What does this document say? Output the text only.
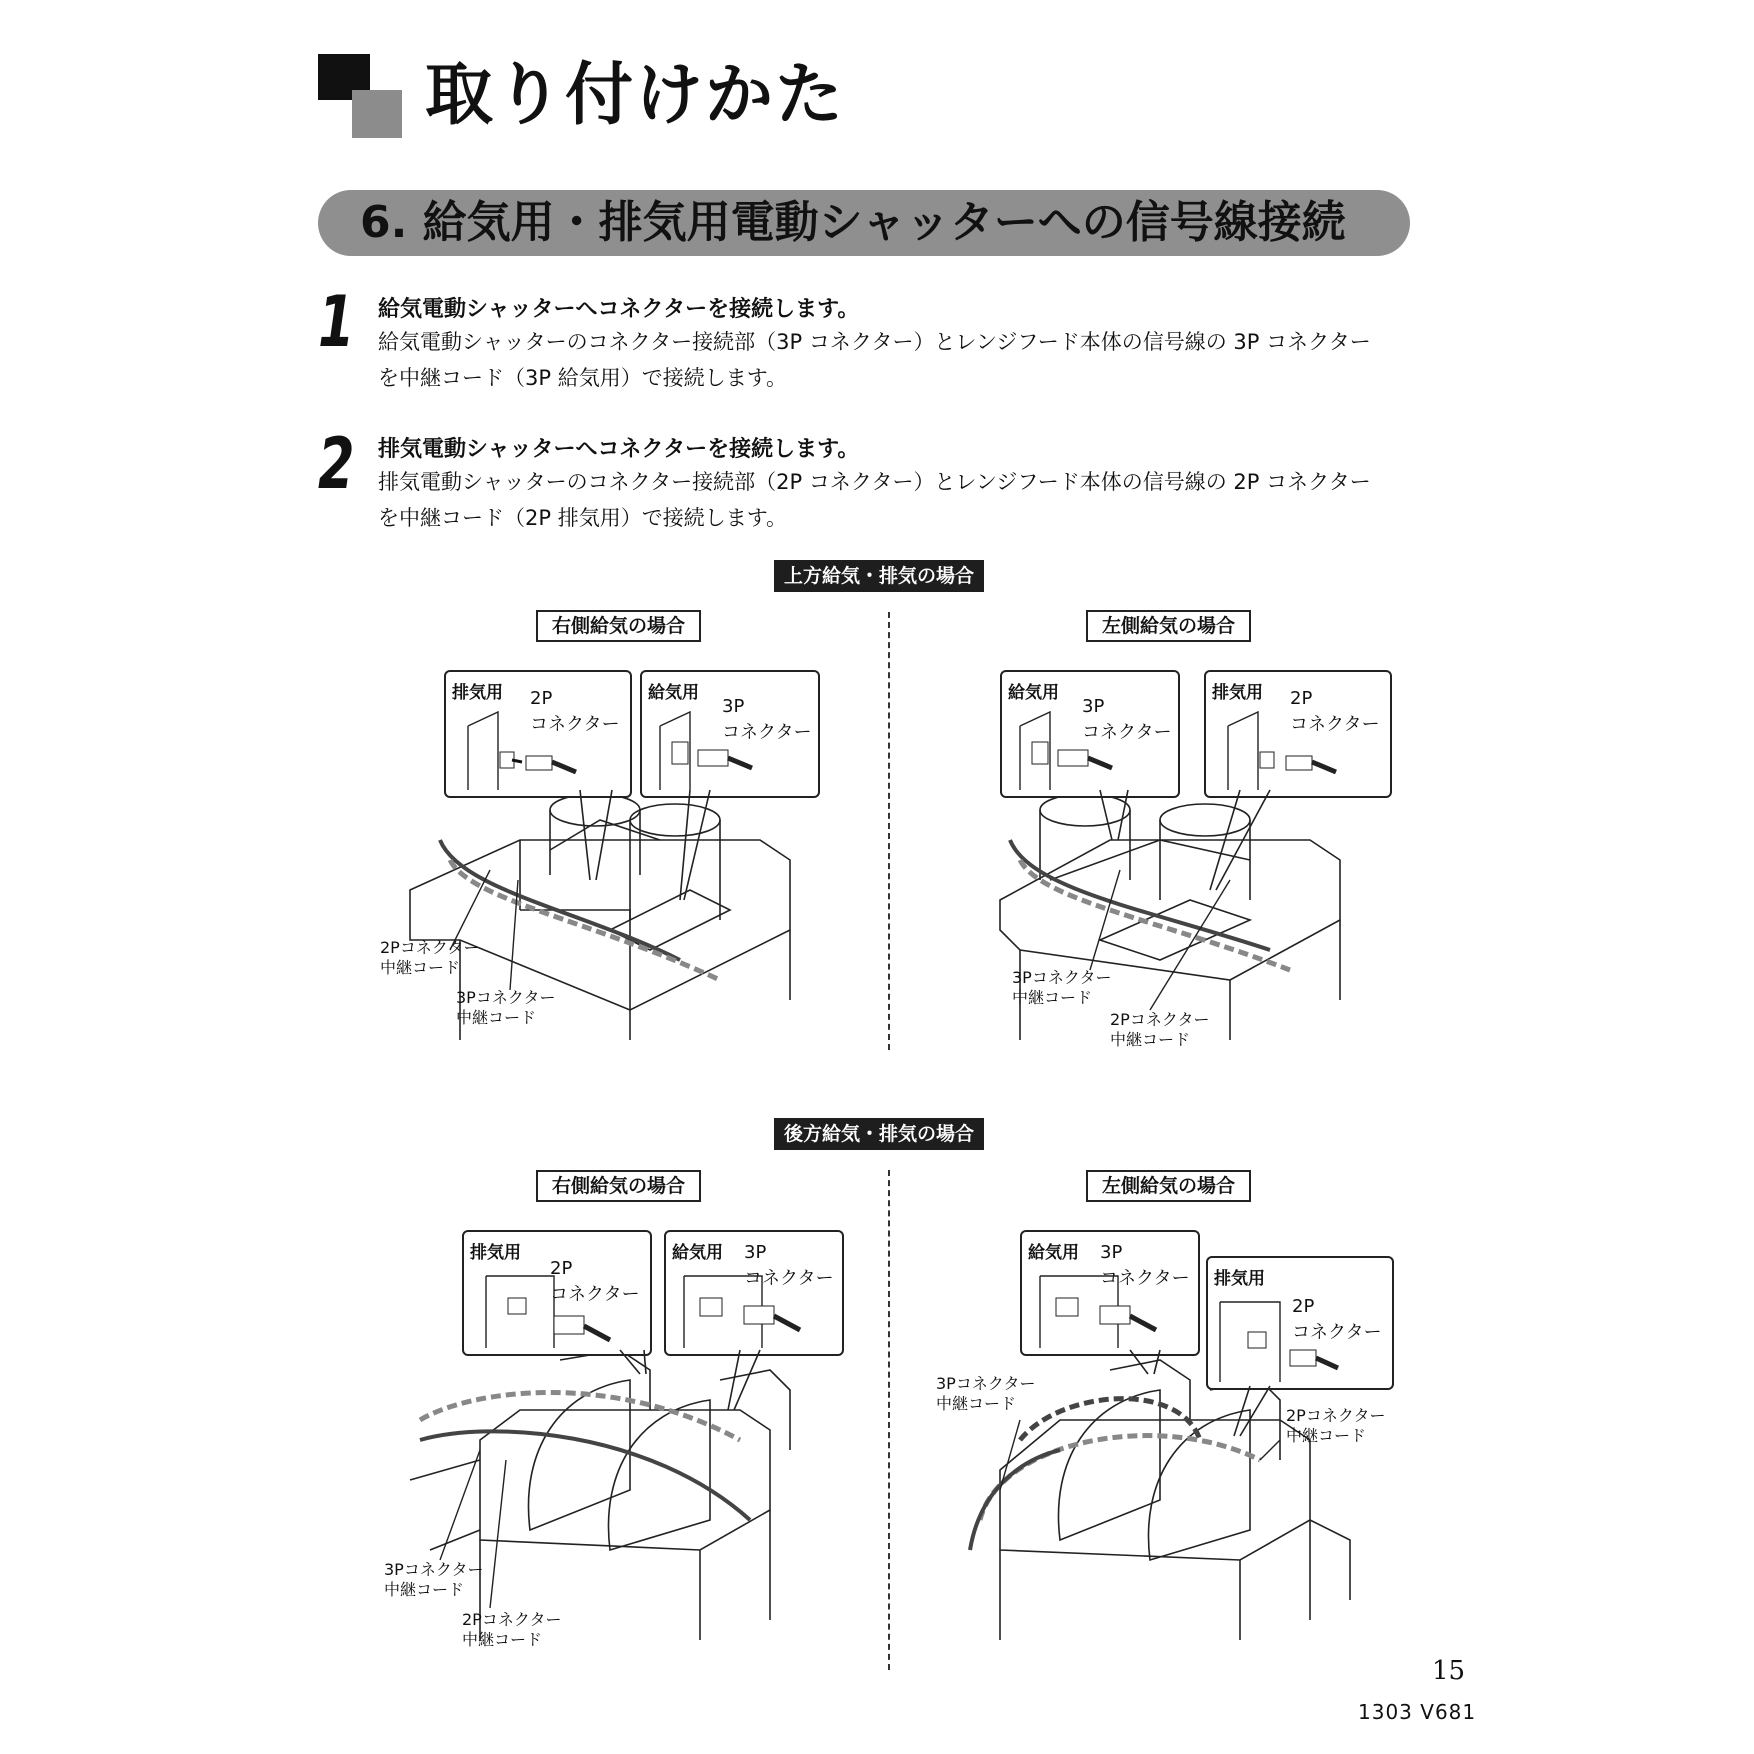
取り付けかた
6. 給気用・排気用電動シャッターへの信号線接続
1 給気電動シャッターへコネクターを接続します。
給気電動シャッターのコネクター接続部（3P コネクター）とレンジフード本体の信号線の 3P コネクターを中継コード（3P 給気用）で接続します。
2 排気電動シャッターへコネクターを接続します。
排気電動シャッターのコネクター接続部（2P コネクター）とレンジフード本体の信号線の 2P コネクターを中継コード（2P 排気用）で接続します。
上方給気・排気の場合
右側給気の場合	左側給気の場合
排気用 2P
コネクター
給気用
3P
コネクター
2Pコネクター
中継コード
3Pコネクター
中継コード
給気用
3P
コネクター
排気用 2P
コネクター
3Pコネクター
中継コード
2Pコネクター
中継コード
後方給気・排気の場合
右側給気の場合	左側給気の場合
排気用
2P
コネクター
給気用 3P
コネクター
3Pコネクター
中継コード
2Pコネクター
中継コード
給気用 3P
コネクター 排気用
2P
コネクター
3Pコネクター
中継コード
2Pコネクター
中継コード
15
1303 V681
